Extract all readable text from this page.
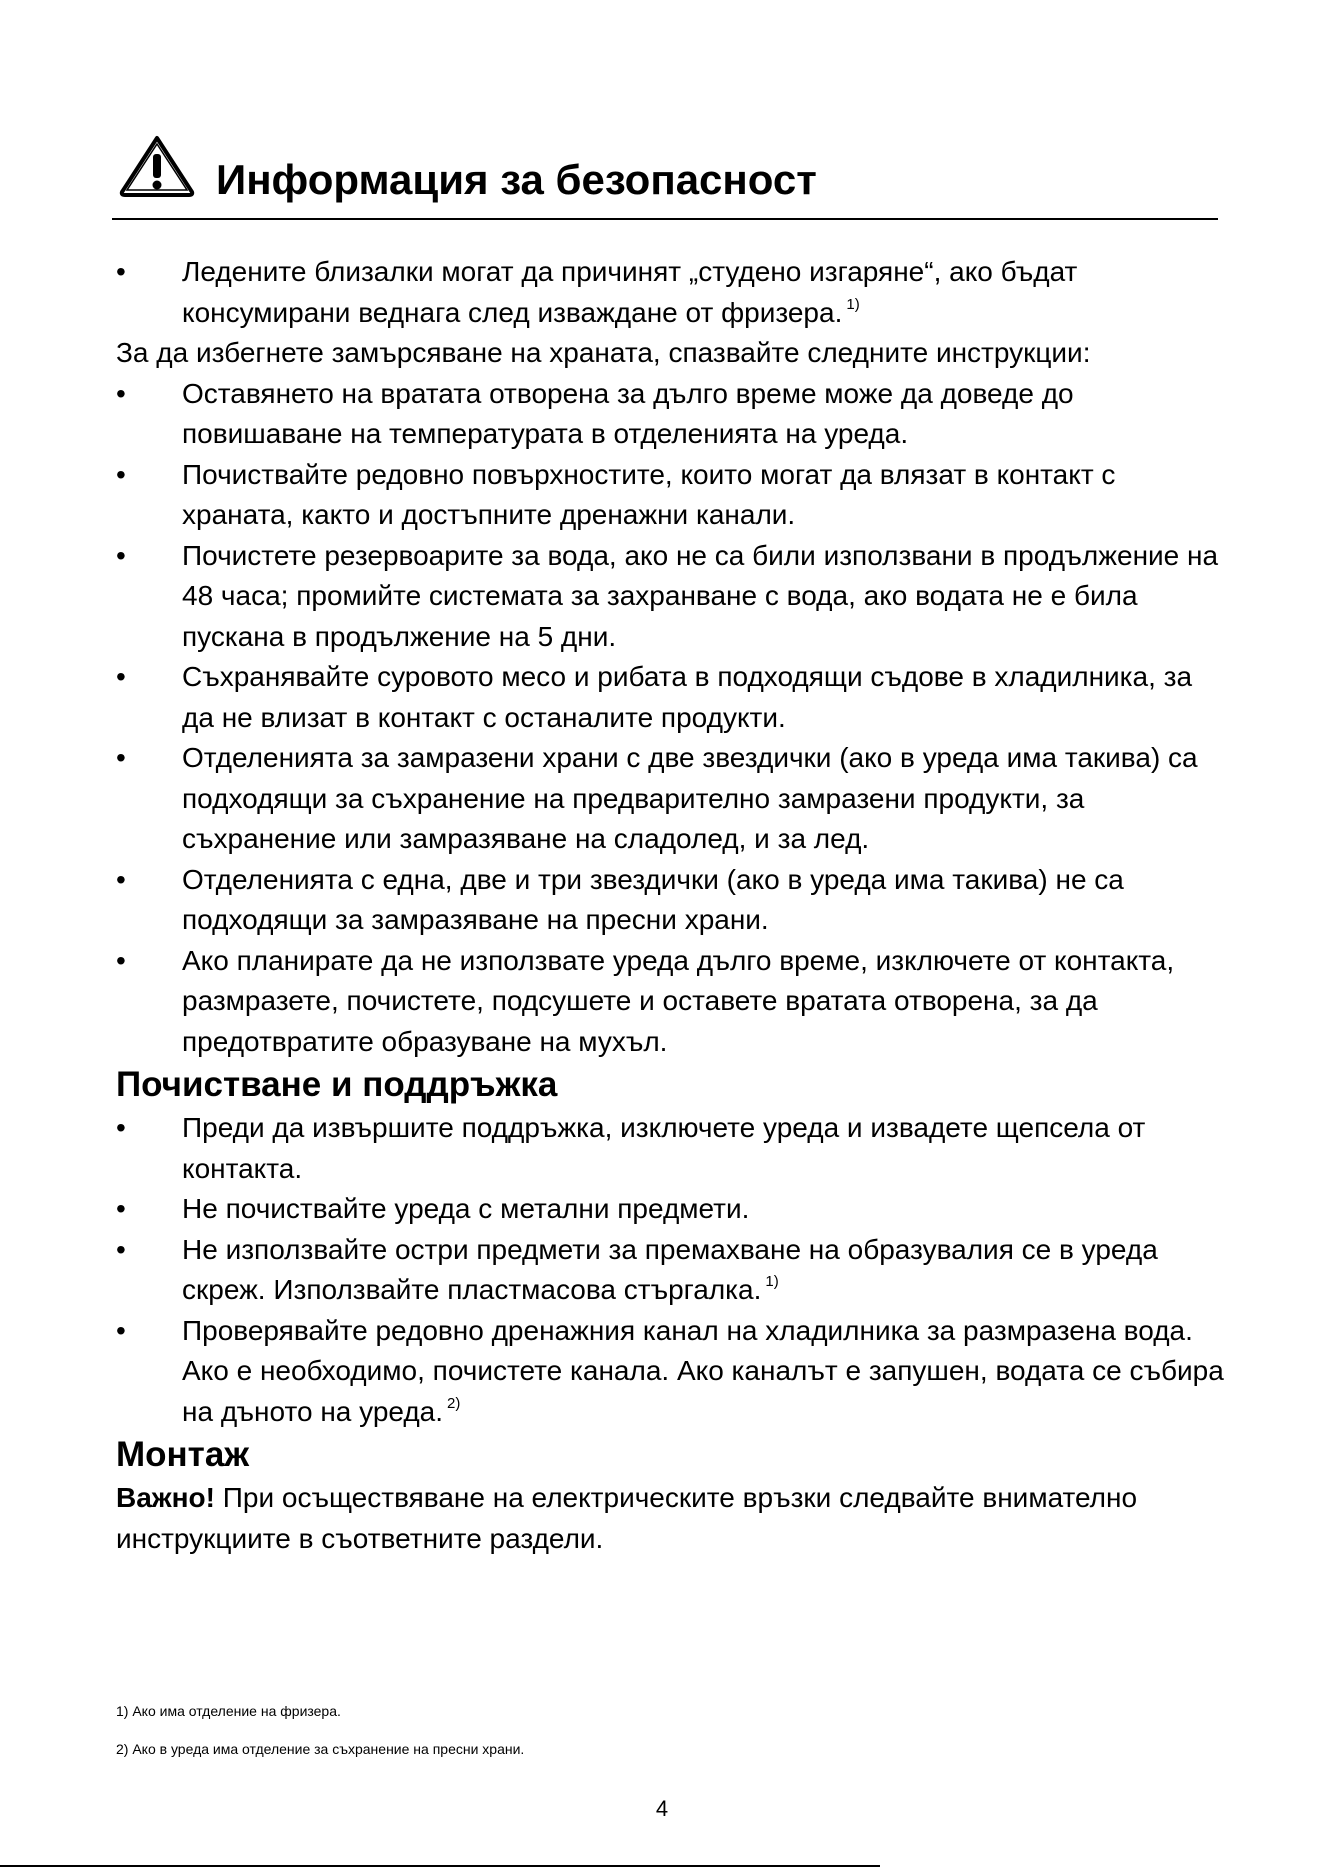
Информация за безопасност
•	Ледените близалки могат да причинят „студено изгаряне“, ако бъдат консумирани веднага след изваждане от фризера. $^{1)}$
За да избегнете замърсяване на храната, спазвайте следните инструкции:
•	Оставянето на вратата отворена за дълго време може да доведе до повишаване на температурата в отделенията на уреда.
•	Почиствайте редовно повърхностите, които могат да влязат в контакт с храната, както и достъпните дренажни канали.
•	Почистете резервоарите за вода, ако не са били използвани в продължение на 48 часа; промийте системата за захранване с вода, ако водата не е била пускана в продължение на 5 дни.
•	Съхранявайте суровото месо и рибата в подходящи съдове в хладилника, за да не влизат в контакт с останалите продукти.
•	Отделенията за замразени храни с две звездички (ако в уреда има такива) са подходящи за съхранение на предварително замразени продукти, за съхранение или замразяване на сладолед, и за лед.
•	Отделенията с една, две и три звездички (ако в уреда има такива) не са подходящи за замразяване на пресни храни.
•	Ако планирате да не използвате уреда дълго време, изключете от контакта, размразете, почистете, подсушете и оставете вратата отворена, за да предотвратите образуване на мухъл.
Почистване и поддръжка
•	Преди да извършите поддръжка, изключете уреда и извадете щепсела от контакта.
•	Не почиствайте уреда с метални предмети.
•	Не използвайте остри предмети за премахване на образувалия се в уреда скреж. Използвайте пластмасова стъргалка. $^{1)}$
•	Проверявайте редовно дренажния канал на хладилника за размразена вода. Ако е необходимо, почистете канала. Ако каналът е запушен, водата се събира на дъното на уреда. $^{2)}$
Монтаж
Важно! При осъществяване на електрическите връзки следвайте внимателно инструкциите в съответните раздели.
1) Ако има отделение на фризера.
2) Ако в уреда има отделение за съхранение на пресни храни.
4
